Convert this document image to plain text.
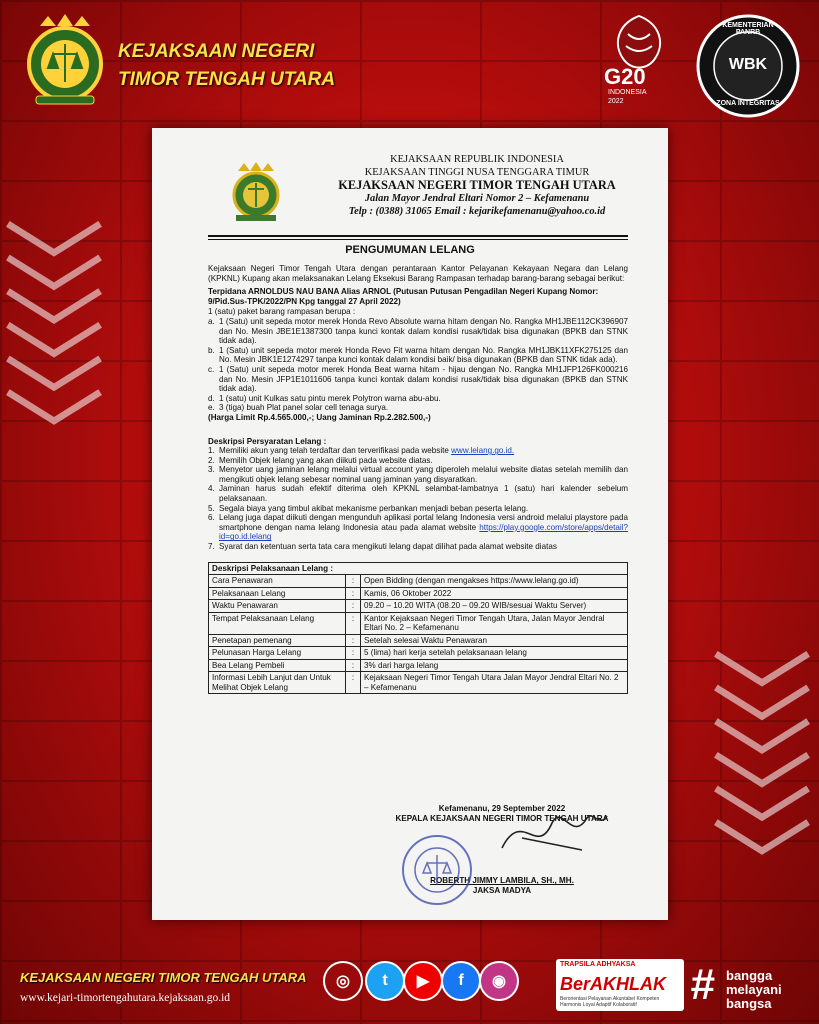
KEJAKSAAN NEGERI
TIMOR TENGAH UTARA	G20
INDONESIA
2022
KEMENTERIAN PANRB
WBK
ZONA INTEGRITAS
KEJAKSAAN REPUBLIK INDONESIA
KEJAKSAAN TINGGI NUSA TENGGARA TIMUR
KEJAKSAAN NEGERI TIMOR TENGAH UTARA
Jalan Mayor Jendral Eltari Nomor 2 – Kefamenanu
Telp : (0388) 31065 Email : kejarikefamenanu@yahoo.co.id
PENGUMUMAN LELANG

Kejaksaan Negeri Timor Tengah Utara dengan perantaraan Kantor Pelayanan Kekayaan Negara dan Lelang (KPKNL) Kupang akan melaksanakan Lelang Eksekusi Barang Rampasan terhadap barang-barang sebagai berikut:

Terpidana ARNOLDUS NAU BANA Alias ARNOL (Putusan Putusan Pengadilan Negeri Kupang Nomor: 9/Pid.Sus-TPK/2022/PN Kpg tanggal 27 April 2022)

1 (satu) paket barang rampasan berupa :
a. 1 (Satu) unit sepeda motor merek Honda Revo Absolute warna hitam dengan No. Rangka MH1JBE112CK396907 dan No. Mesin JBE1E1387300 tanpa kunci kontak dalam kondisi rusak/tidak bisa digunakan (BPKB dan STNK tidak ada).
b. 1 (Satu) unit sepeda motor merek Honda Revo Fit warna hitam dengan No. Rangka MH1JBK11XFK275125 dan No. Mesin JBK1E1274297 tanpa kunci kontak dalam kondisi baik/ bisa digunakan (BPKB dan STNK tidak ada).
c. 1 (Satu) unit sepeda motor merek Honda Beat warna hitam - hijau dengan No. Rangka MH1JFP126FK000216 dan No. Mesin JFP1E1011606 tanpa kunci kontak dalam kondisi rusak/tidak bisa digunakan (BPKB dan STNK tidak ada).
d. 1 (satu) unit Kulkas satu pintu merek Polytron warna abu-abu.
e. 3 (tiga) buah Plat panel solar cell tenaga surya.

(Harga Limit Rp.4.565.000,-; Uang Jaminan Rp.2.282.500,-)

Deskripsi Persyaratan Lelang :
1. Memiliki akun yang telah terdaftar dan terverifikasi pada website www.lelang.go.id.
2. Memilih Objek lelang yang akan diikuti pada website diatas.
3. Menyetor uang jaminan lelang melalui virtual account yang diperoleh melalui website diatas setelah memilih dan mengikuti objek lelang sebesar nominal uang jaminan yang disyaratkan.
4. Jaminan harus sudah efektif diterima oleh KPKNL selambat-lambatnya 1 (satu) hari kalender sebelum pelaksanaan.
5. Segala biaya yang timbul akibat mekanisme perbankan menjadi beban peserta lelang.
6. Lelang juga dapat diikuti dengan mengunduh aplikasi portal lelang Indonesia versi android melalui playstore pada smartphone dengan nama lelang Indonesia atau pada alamat website https://play.google.com/store/apps/detail?id=go.id.lelang
7. Syarat dan ketentuan serta tata cara mengikuti lelang dapat dilihat pada alamat website diatas
Deskripsi Pelaksanaan Lelang :		
Cara Penawaran	:	Open Bidding (dengan mengakses https://www.lelang.go.id)
Pelaksanaan Lelang	:	Kamis, 06 Oktober 2022
Waktu Penawaran	:	09.20 – 10.20 WITA (08.20 – 09.20 WIB/sesuai Waktu Server)
Tempat Pelaksanaan Lelang	:	Kantor Kejaksaan Negeri Timor Tengah Utara, Jalan Mayor Jendral Eltari No. 2 – Kefamenanu
Penetapan pemenang	:	Setelah selesai Waktu Penawaran
Pelunasan Harga Lelang	:	5 (lima) hari kerja setelah pelaksanaan lelang
Bea Lelang Pembeli	:	3% dari harga lelang
Informasi Lebih Lanjut dan Untuk Melihat Objek Lelang	:	Kejaksaan Negeri Timor Tengah Utara Jalan Mayor Jendral Eltari No. 2 – Kefamenanu
Kefamenanu, 29 September 2022
KEPALA KEJAKSAAN NEGERI TIMOR TENGAH UTARA
ROBERTH JIMMY LAMBILA, SH., MH.
JAKSA MADYA
KEJAKSAAN NEGERI TIMOR TENGAH UTARA
www.kejari-timortengahutara.kejaksaan.go.id
◎	t	▶	f	◉
TRAPSILA ADHYAKSA
BerAKHLAK
Berorientasi Pelayanan Akuntabel Kompeten Harmonis Loyal Adaptif Kolaboratif	# bangga
melayani
bangsa
